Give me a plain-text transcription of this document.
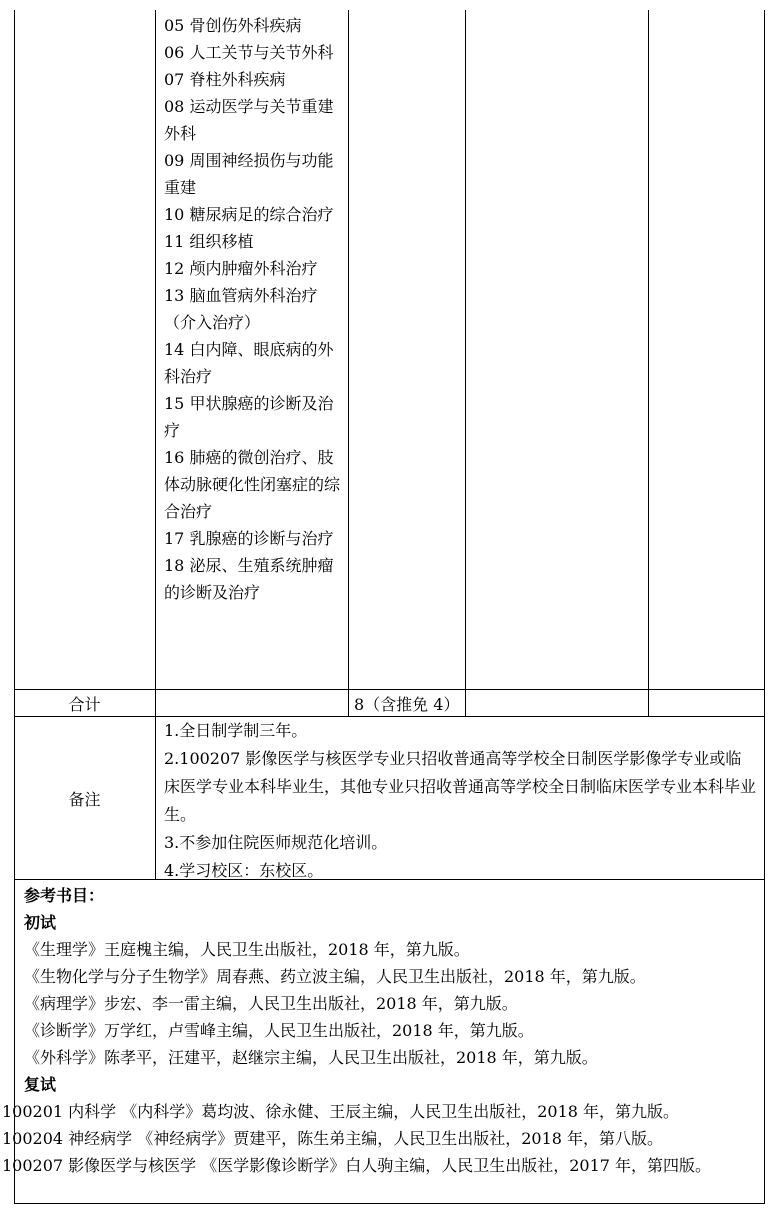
05 骨创伤外科疾病
06 人工关节与关节外科
07 脊柱外科疾病
08 运动医学与关节重建外科
09 周围神经损伤与功能重建
10 糖尿病足的综合治疗
11 组织移植
12 颅内肿瘤外科治疗
13 脑血管病外科治疗（介入治疗）
14 白内障、眼底病的外科治疗
15 甲状腺癌的诊断及治疗
16 肺癌的微创治疗、肢体动脉硬化性闭塞症的综合治疗
17 乳腺癌的诊断与治疗
18 泌尿、生殖系统肿瘤的诊断及治疗
合计	8（含推免 4）
备注
1.全日制学制三年。
2.100207 影像医学与核医学专业只招收普通高等学校全日制医学影像学专业或临床医学专业本科毕业生，其他专业只招收普通高等学校全日制临床医学专业本科毕业生。
3.不参加住院医师规范化培训。
4.学习校区：东校区。
参考书目：
初试
《生理学》王庭槐主编，人民卫生出版社，2018 年，第九版。
《生物化学与分子生物学》周春燕、药立波主编，人民卫生出版社，2018 年，第九版。
《病理学》步宏、李一雷主编，人民卫生出版社，2018 年，第九版。
《诊断学》万学红，卢雪峰主编，人民卫生出版社，2018 年，第九版。
《外科学》陈孝平，汪建平，赵继宗主编，人民卫生出版社，2018 年，第九版。
复试
100201 内科学 《内科学》葛均波、徐永健、王辰主编，人民卫生出版社，2018 年，第九版。
100204 神经病学 《神经病学》贾建平，陈生弟主编，人民卫生出版社，2018 年，第八版。
100207 影像医学与核医学 《医学影像诊断学》白人驹主编，人民卫生出版社，2017 年，第四版。
